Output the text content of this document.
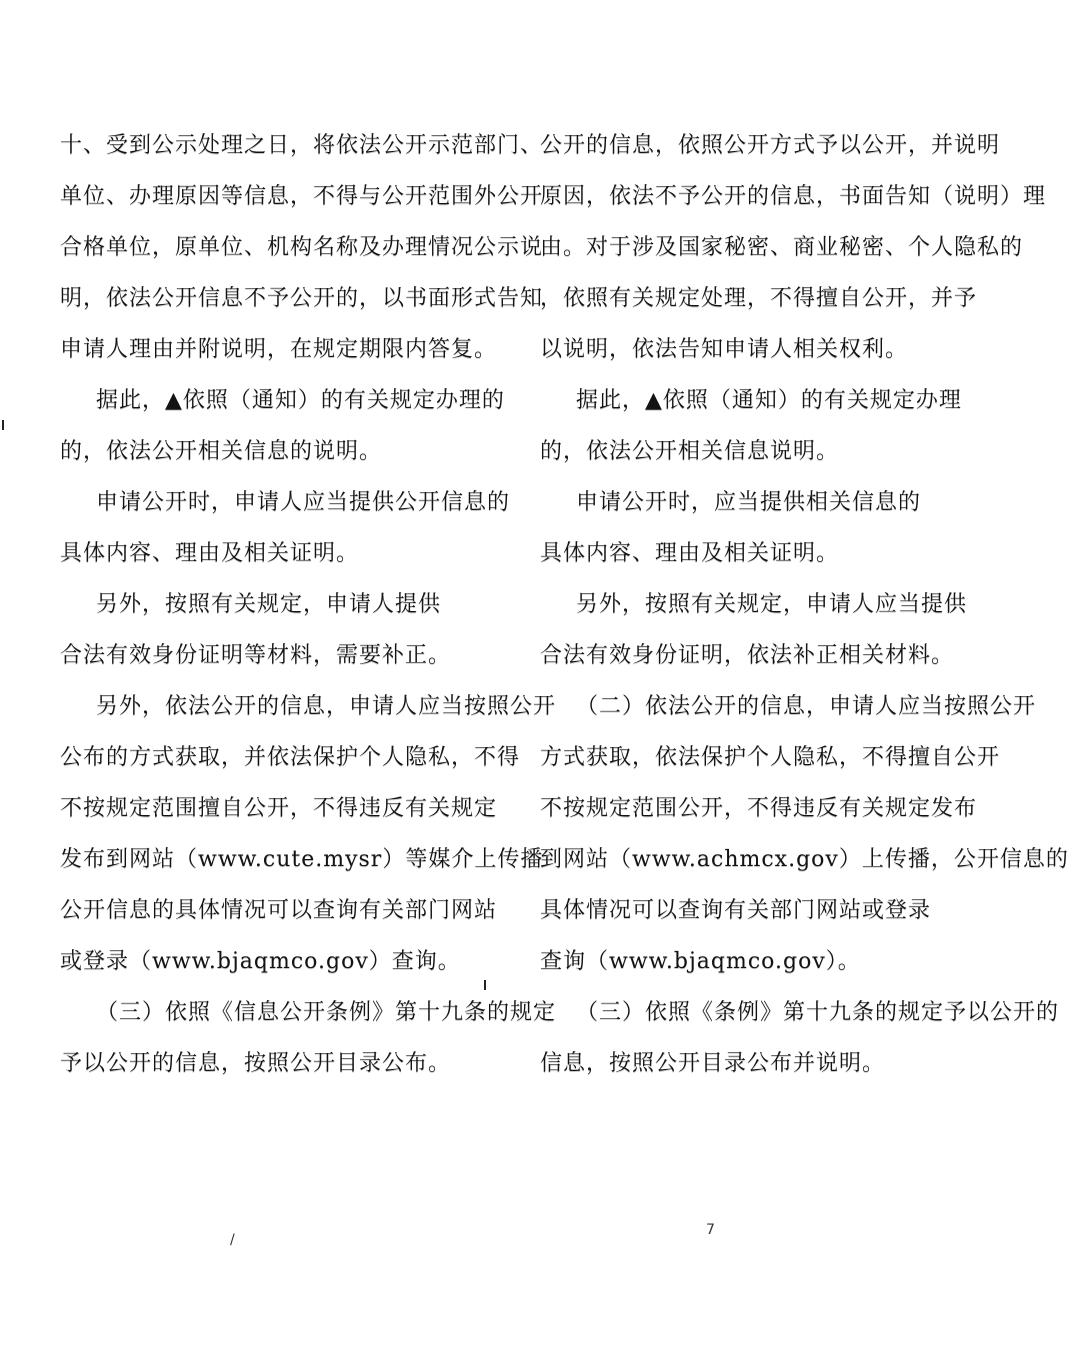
十、受到公示处理之日，将依法公开示范部门、
单位、办理原因等信息，不得与公开范围外公开
合格单位，原单位、机构名称及办理情况公示说
明，依法公开信息不予公开的，以书面形式告知
申请人理由并附说明，在规定期限内答复。
据此，▲依照（通知）的有关规定办理的
的，依法公开相关信息的说明。
申请公开时，申请人应当提供公开信息的
具体内容、理由及相关证明。
另外，按照有关规定，申请人提供
合法有效身份证明等材料，需要补正。
另外，依法公开的信息，申请人应当按照公开
公布的方式获取，并依法保护个人隐私，不得
不按规定范围擅自公开，不得违反有关规定
发布到网站（www.cute.mysr）等媒介上传播
公开信息的具体情况可以查询有关部门网站
或登录（www.bjaqmco.gov）查询。
（三）依照《信息公开条例》第十九条的规定
予以公开的信息，按照公开目录公布。
公开的信息，依照公开方式予以公开，并说明
原因，依法不予公开的信息，书面告知（说明）理
由。对于涉及国家秘密、商业秘密、个人隐私的
，依照有关规定处理，不得擅自公开，并予
以说明，依法告知申请人相关权利。
据此，▲依照（通知）的有关规定办理
的，依法公开相关信息说明。
申请公开时，应当提供相关信息的
具体内容、理由及相关证明。
另外，按照有关规定，申请人应当提供
合法有效身份证明，依法补正相关材料。
（二）依法公开的信息，申请人应当按照公开
方式获取，依法保护个人隐私，不得擅自公开
不按规定范围公开，不得违反有关规定发布
到网站（www.achmcx.gov）上传播，公开信息的
具体情况可以查询有关部门网站或登录
查询（www.bjaqmco.gov）。
（三）依照《条例》第十九条的规定予以公开的
信息，按照公开目录公布并说明。
/
7
